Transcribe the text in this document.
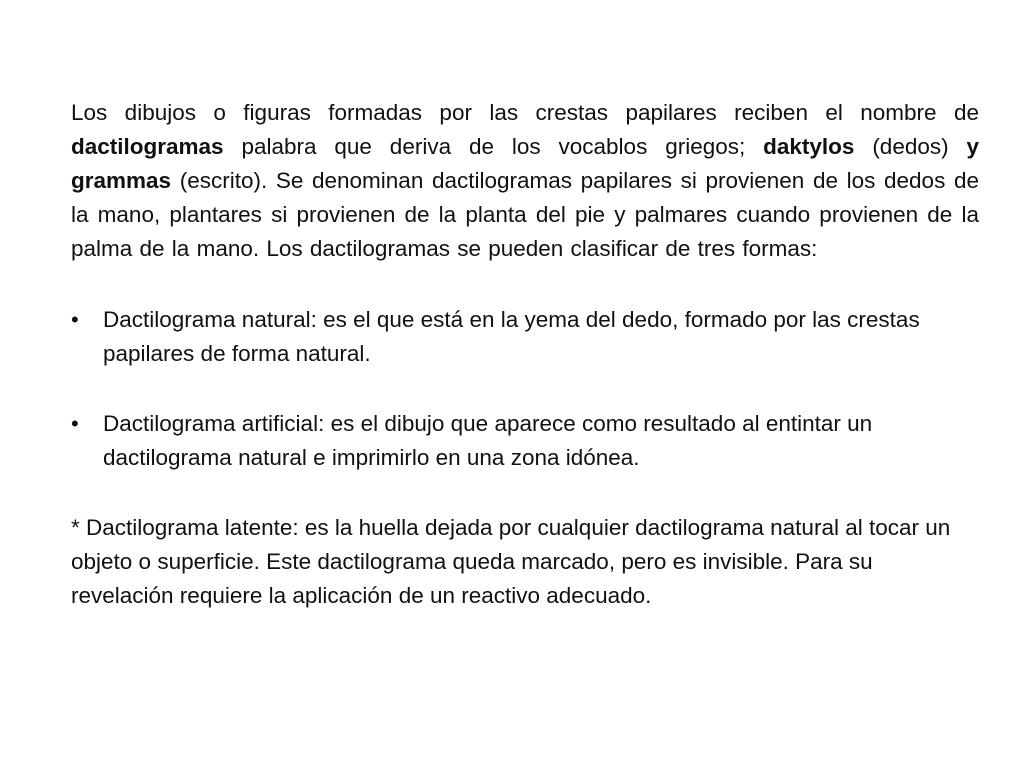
Los dibujos o figuras formadas por las crestas papilares reciben el nombre de dactilogramas palabra que deriva de los vocablos griegos; daktylos (dedos) y grammas (escrito). Se denominan dactilogramas papilares si provienen de los dedos de la mano, plantares si provienen de la planta del pie y palmares cuando provienen de la palma de la mano. Los dactilogramas se pueden clasificar de tres formas:

•	Dactilograma natural: es el que está en la yema del dedo, formado por las crestas papilares de forma natural.
•	Dactilograma artificial: es el dibujo que aparece como resultado al entintar un dactilograma natural e imprimirlo en una zona idónea.

* Dactilograma latente: es la huella dejada por cualquier dactilograma natural al tocar un objeto o superficie. Este dactilograma queda marcado, pero es invisible. Para su revelación requiere la aplicación de un reactivo adecuado.
